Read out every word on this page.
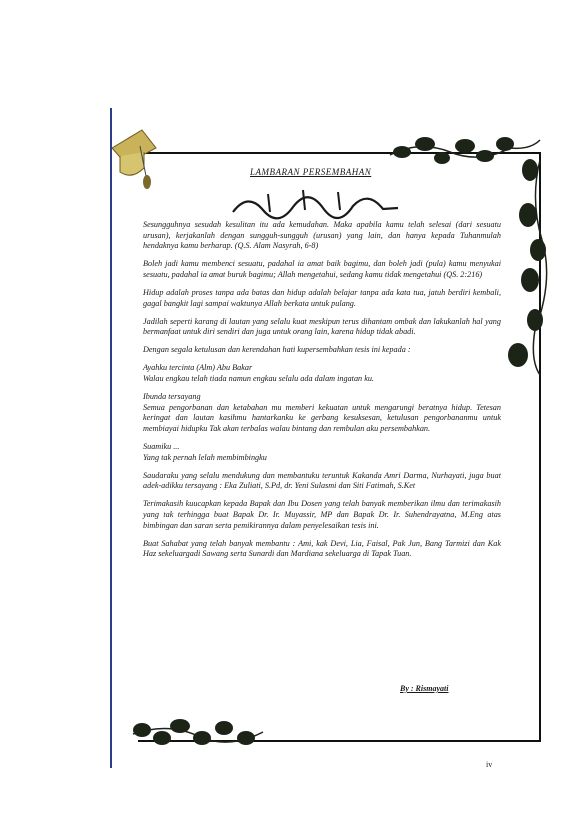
LAMBARAN PERSEMBAHAN

Sesungguhnya sesudah kesulitan itu ada kemudahan. Maka apabila kamu telah selesai (dari sesuatu urusan), kerjakanlah dengan sungguh-sungguh (urusan) yang lain, dan hanya kepada Tuhanmulah hendaknya kamu berharap. (Q.S. Alam Nasyrah, 6-8)

Boleh jadi kamu membenci sesuatu, padahal ia amat baik bagimu, dan boleh jadi (pula) kamu menyukai sesuatu, padahal ia amat buruk bagimu; Allah mengetahui, sedang kamu tidak mengetahui (QS. 2:216)

Hidup adalah proses tanpa ada batas dan hidup adalah belajar tanpa ada kata tua, jatuh berdiri kembali, gagal bangkit lagi sampai waktunya Allah berkata untuk pulang.

Jadilah seperti karang di lautan yang selalu kuat meskipun terus dihantam ombak dan lakukanlah hal yang bermanfaat untuk diri sendiri dan juga untuk orang lain, karena hidup tidak abadi.

Dengan segala ketulusan dan kerendahan hati kupersembahkan tesis ini kepada :

Ayahku tercinta (Alm) Abu Bakar
Walau engkau telah tiada namun engkau selalu ada dalam ingatan ku.

Ibunda tersayang
Semua pengorbanan dan ketabahan mu memberi kekuatan untuk mengarungi beratnya hidup. Tetesan keringat dan lautan kasihmu hantarkanku ke gerbang kesuksesan, ketulusan pengorbananmu untuk membiayai hidupku Tak akan terbalas walau bintang dan rembulan aku persembahkan.

Suamiku ...
Yang tak pernah lelah membimbingku

Saudaraku yang selalu mendukung dan membantuku teruntuk Kakanda Amri Darma, Nurhayati, juga buat adek-adikku tersayang : Eka Zuliati, S.Pd, dr. Yeni Sulasmi dan Siti Fatimah, S.Ket

Terimakasih kuucapkan kepada Bapak dan Ibu Dosen yang telah banyak memberikan ilmu dan terimakasih yang tak terhingga buat Bapak Dr. Ir. Muyassir, MP dan Bapak Dr. Ir. Suhendrayatna, M.Eng atas bimbingan dan saran serta pemikirannya dalam penyelesaikan tesis ini.

Buat Sahabat yang telah banyak membantu : Ami, kak Devi, Lia, Faisal, Pak Jun, Bang Tarmizi dan Kak Haz sekeluargadi Sawang serta Sunardi dan Mardiana sekeluarga di Tapak Tuan.

By : Rismayati
iv
